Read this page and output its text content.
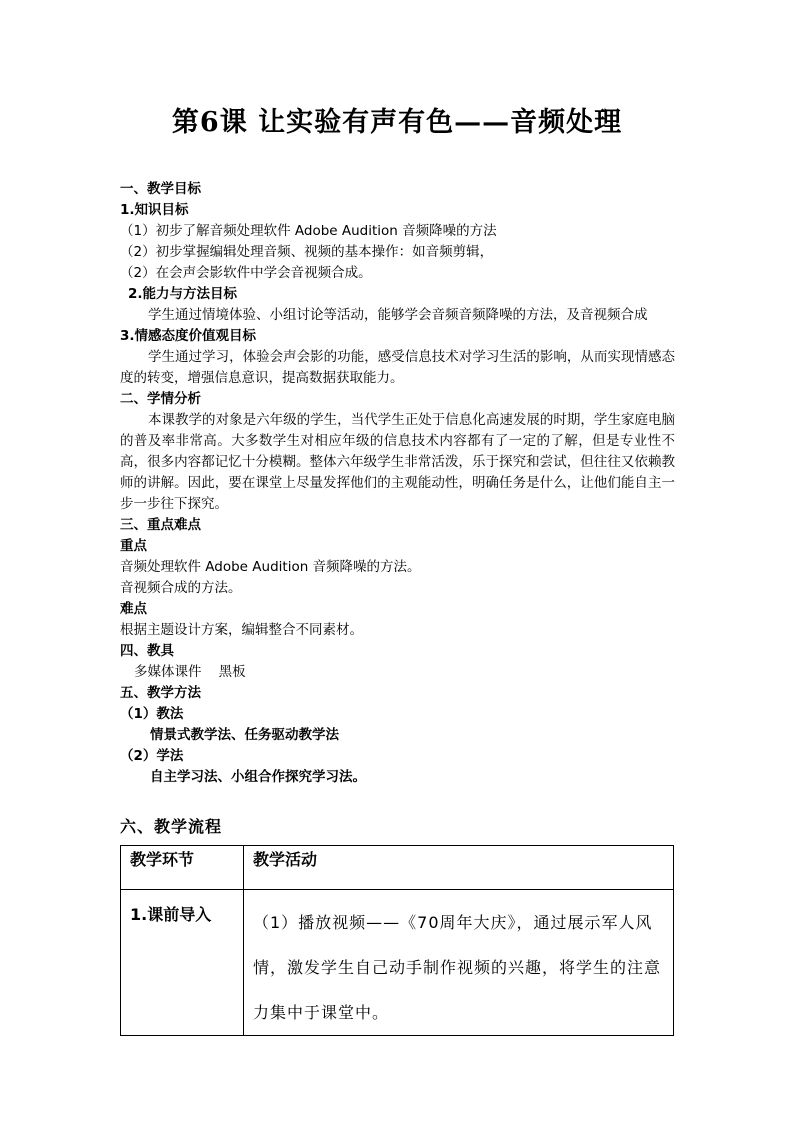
第6课 让实验有声有色——音频处理
一、教学目标
1.知识目标
（1）初步了解音频处理软件 Adobe Audition 音频降噪的方法
（2）初步掌握编辑处理音频、视频的基本操作：如音频剪辑，
（2）在会声会影软件中学会音视频合成。
2.能力与方法目标
学生通过情境体验、小组讨论等活动，能够学会音频音频降噪的方法，及音视频合成
3.情感态度价值观目标
学生通过学习，体验会声会影的功能，感受信息技术对学习生活的影响，从而实现情感态度的转变，增强信息意识，提高数据获取能力。
二、学情分析
本课教学的对象是六年级的学生，当代学生正处于信息化高速发展的时期，学生家庭电脑的普及率非常高。大多数学生对相应年级的信息技术内容都有了一定的了解，但是专业性不高，很多内容都记忆十分模糊。整体六年级学生非常活泼，乐于探究和尝试，但往往又依赖教师的讲解。因此，要在课堂上尽量发挥他们的主观能动性，明确任务是什么，让他们能自主一步一步往下探究。
三、重点难点
重点
音频处理软件 Adobe Audition 音频降噪的方法。
音视频合成的方法。
难点
根据主题设计方案，编辑整合不同素材。
四、教具
多媒体课件    黑板
五、教学方法
（1）教法
情景式教学法、任务驱动教学法
（2）学法
自主学习法、小组合作探究学习法。
六、教学流程
教学环节	教学活动
1.课前导入	（1）播放视频——《70周年大庆》，通过展示军人风情，激发学生自己动手制作视频的兴趣，将学生的注意力集中于课堂中。
